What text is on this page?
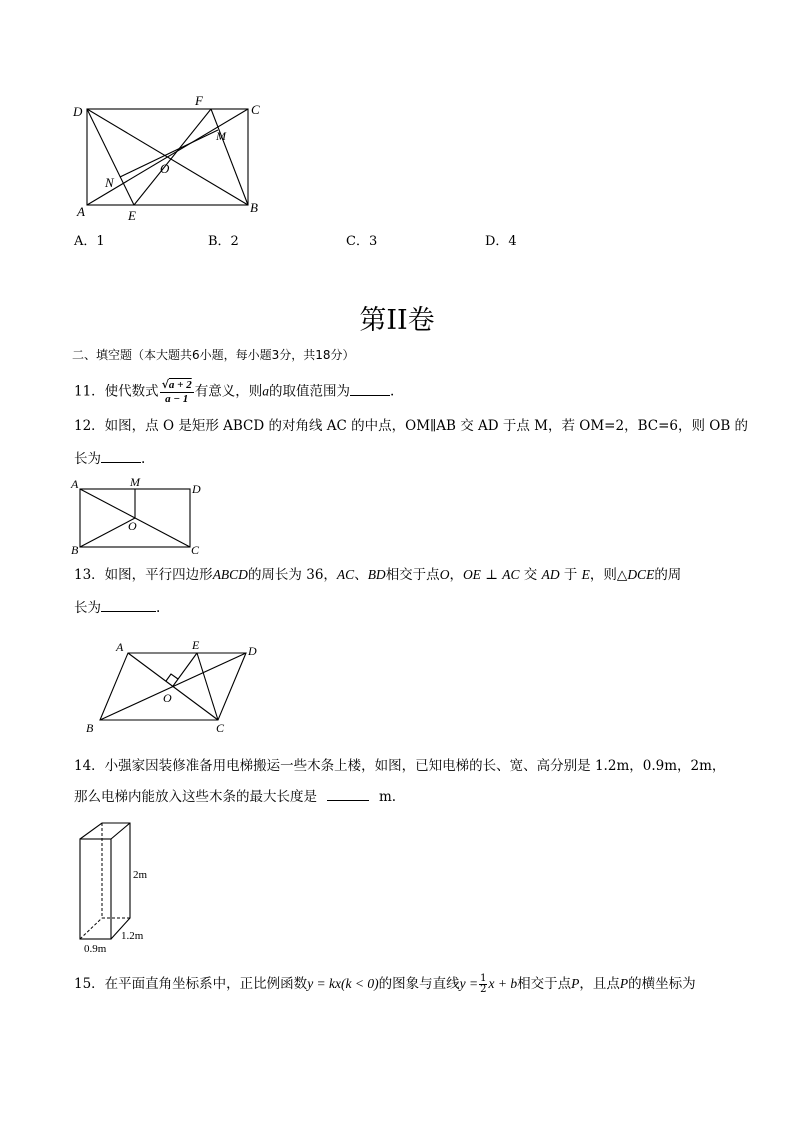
D
F
C
M
O
N
A	E
B
A．1	B．2	C．3	D．4
第II卷
二、填空题（本大题共6小题，每小题3分，共18分）
11．使代数式 $\frac{√a + 2}{a - 1}$ 有意义，则a的取值范围为	.
12．如图，点 O 是矩形 ABCD 的对角线 AC 的中点，OM∥AB 交 AD 于点 M，若 OM=2，BC=6，则 OB 的
长为	.
A	M	D
O
B	C
13．如图，平行四边形ABCD的周长为 36，AC、BD相交于点O，OE ⊥ AC 交 AD 于 E，则△DCE的周
长为	.
A	E	D
O
B	C
14．小强家因装修准备用电梯搬运一些木条上楼，如图，已知电梯的长、宽、高分别是 1.2m，0.9m，2m，
那么电梯内能放入这些木条的最大长度是	m.
2m
0.9m
1.2m
15．在平面直角坐标系中，正比例函数y = kx(k < 0)的图象与直线$y = \frac{1}{2}$ x + b相交于点P，且点P的横坐标为
